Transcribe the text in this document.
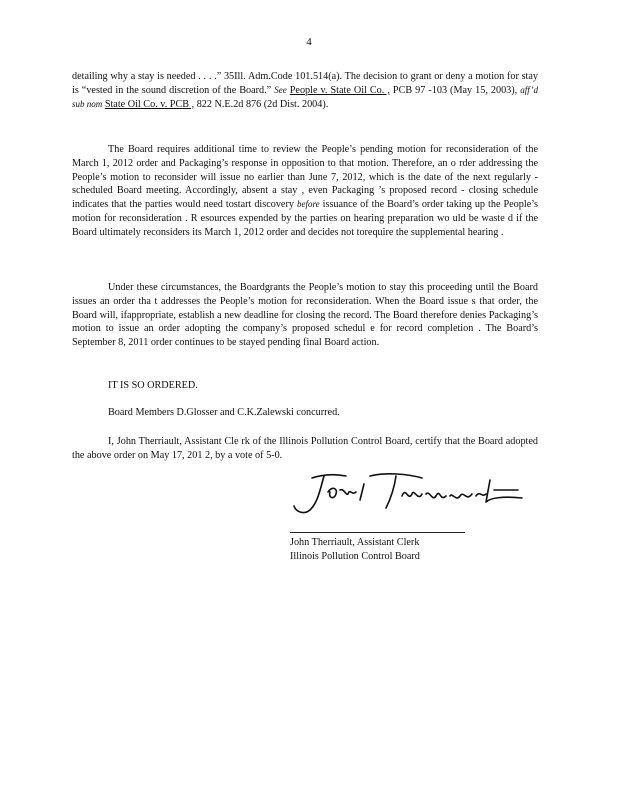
4

detailing why a stay is needed . . . .” 35Ill. Adm.Code 101.514(a). The decision to grant or deny a motion for stay is “vested in the sound discretion of the Board.” See People v. State Oil Co. , PCB 97 -103 (May 15, 2003), aff’d sub nom State Oil Co. v. PCB , 822 N.E.2d 876 (2d Dist. 2004).

The Board requires additional time to review the People’s pending motion for reconsideration of the March 1, 2012 order and Packaging’s response in opposition to that motion. Therefore, an o rder addressing the People’s motion to reconsider will issue no earlier than June 7, 2012, which is the date of the next regularly - scheduled Board meeting. Accordingly, absent a stay , even Packaging ’s proposed record - closing schedule indicates that the parties would need tostart discovery before issuance of the Board’s order taking up the People’s motion for reconsideration . R esources expended by the parties on hearing preparation wo uld be waste d if the Board ultimately reconsiders its March 1, 2012 order and decides not torequire the supplemental hearing .

Under these circumstances, the Boardgrants the People’s motion to stay this proceeding until the Board issues an order tha t addresses the People’s motion for reconsideration. When the Board issue s that order, the Board will, ifappropriate, establish a new deadline for closing the record. The Board therefore denies Packaging’s motion to issue an order adopting the company’s proposed schedul e for record completion . The Board’s September 8, 2011 order continues to be stayed pending final Board action.

IT IS SO ORDERED.
Board Members D.Glosser and C.K.Zalewski concurred.

I, John Therriault, Assistant Cle rk of the Illinois Pollution Control Board, certify that the Board adopted the above order on May 17, 201 2, by a vote of 5-0.

John Therriault, Assistant Clerk
Illinois Pollution Control Board
